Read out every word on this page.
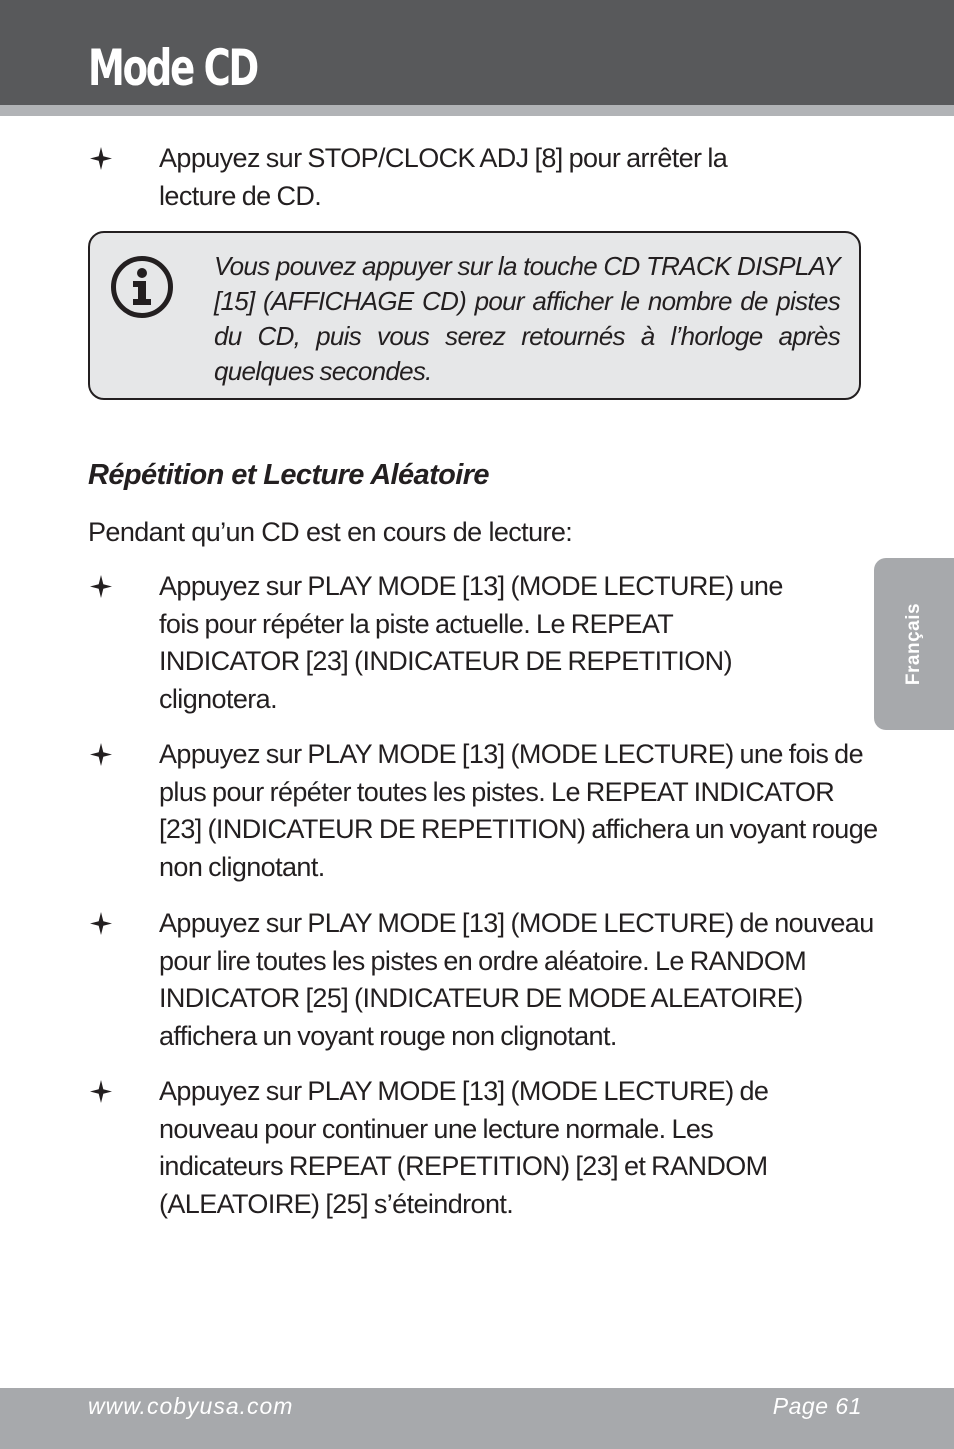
Mode CD

Appuyez sur STOP/CLOCK ADJ [8] pour arrêter la lecture de CD.

Vous pouvez appuyer sur la touche CD TRACK DISPLAY [15] (AFFICHAGE CD) pour afficher le nombre de pistes du CD, puis vous serez retournés à l’horloge après quelques secondes.

Répétition et Lecture Aléatoire

Pendant qu’un CD est en cours de lecture:

Appuyez sur PLAY MODE [13] (MODE LECTURE) une fois pour répéter la piste actuelle. Le REPEAT INDICATOR [23] (INDICATEUR DE REPETITION) clignotera.

Appuyez sur PLAY MODE [13] (MODE LECTURE) une fois de plus pour répéter toutes les pistes. Le REPEAT INDICATOR [23] (INDICATEUR DE REPETITION) affichera un voyant rouge non clignotant.

Appuyez sur PLAY MODE [13] (MODE LECTURE) de nouveau pour lire toutes les pistes en ordre aléatoire. Le RANDOM INDICATOR [25] (INDICATEUR DE MODE ALEATOIRE) affichera un voyant rouge non clignotant.

Appuyez sur PLAY MODE [13] (MODE LECTURE) de nouveau pour continuer une lecture normale. Les indicateurs REPEAT (REPETITION) [23] et RANDOM (ALEATOIRE) [25] s’éteindront.

Français
www.cobyusa.com	Page 61
